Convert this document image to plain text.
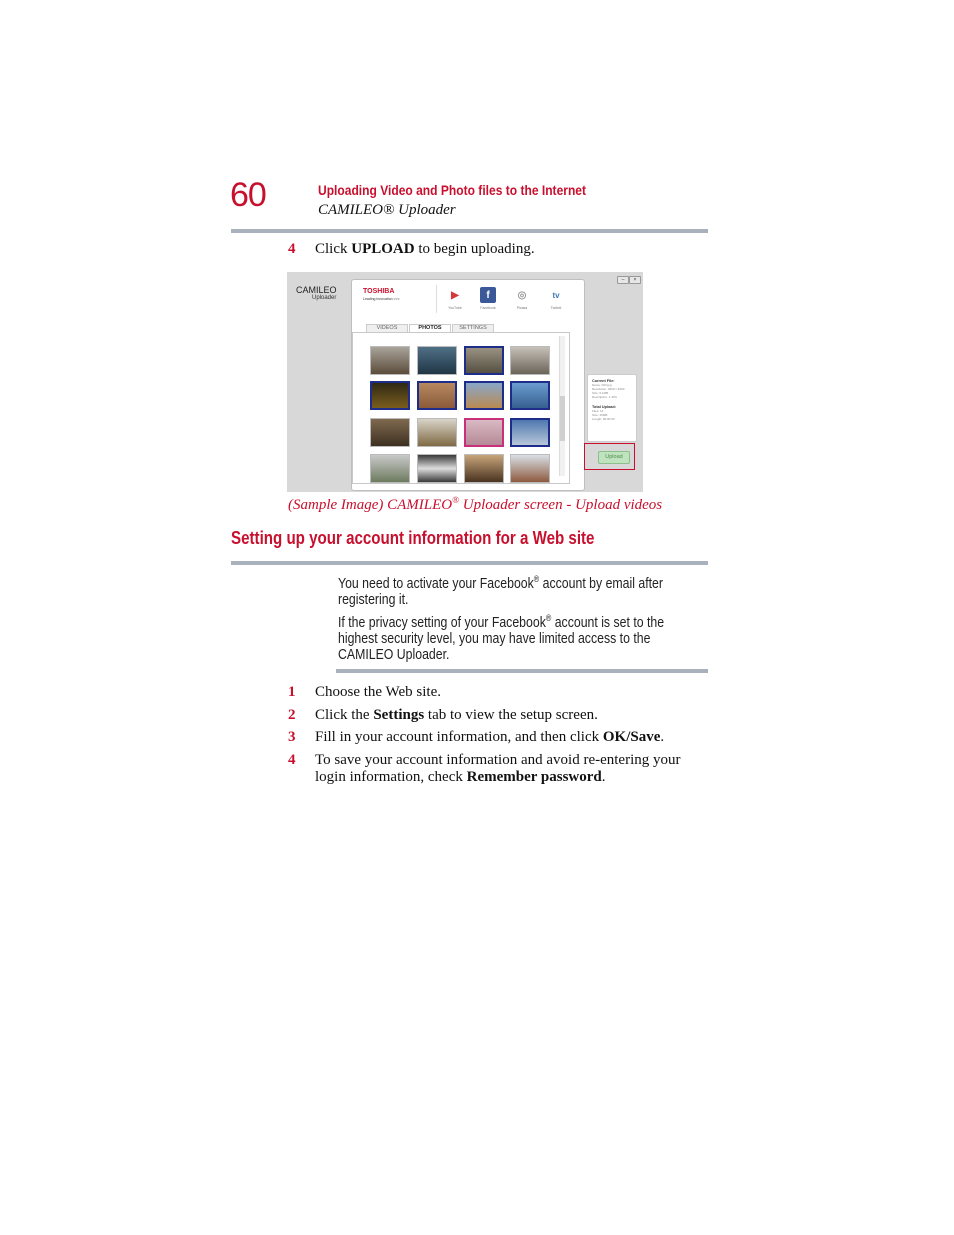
60	Uploading Video and Photo files to the Internet
CAMILEO® Uploader
4 Click UPLOAD to begin uploading.
CAMILEO
Uploader
–	×
TOSHIBA
Leading Innovation >>>	▶
YouTube
f
Facebook
◎
Picasa
tv
Twitvid
VIDEOS	PHOTOS	SETTINGS
Current File:
Name: 003.jpg
Resolution: 4000 x 3000
Size: 5.1MB
Description: 1.JPG
Total Upload:
Files: 14
Size: 43MB
Length: 00:00:00
Upload
(Sample Image) CAMILEO® Uploader screen - Upload videos
Setting up your account information for a Web site
You need to activate your Facebook® account by email after registering it.
If the privacy setting of your Facebook® account is set to the highest security level, you may have limited access to the CAMILEO Uploader.
1 Choose the Web site.
2 Click the Settings tab to view the setup screen.
3 Fill in your account information, and then click OK/Save.
4 To save your account information and avoid re-entering your login information, check Remember password.
